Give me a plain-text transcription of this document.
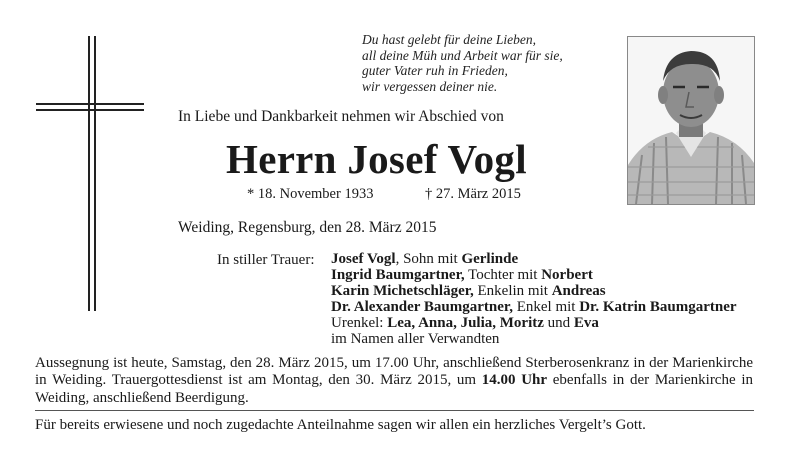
Du hast gelebt für deine Lieben,
all deine Müh und Arbeit war für sie,
guter Vater ruh in Frieden,
wir vergessen deiner nie.
In Liebe und Dankbarkeit nehmen wir Abschied von
Herrn Josef Vogl
* 18. November 1933	† 27. März 2015
Weiding, Regensburg, den 28. März 2015
In stiller Trauer: Josef Vogl, Sohn mit Gerlinde
Ingrid Baumgartner, Tochter mit Norbert
Karin Michetschläger, Enkelin mit Andreas
Dr. Alexander Baumgartner, Enkel mit Dr. Katrin Baumgartner
Urenkel: Lea, Anna, Julia, Moritz und Eva
im Namen aller Verwandten

Aussegnung ist heute, Samstag, den 28. März 2015, um 17.00 Uhr, anschließend Sterberosenkranz in der Marienkirche in Weiding. Trauergottesdienst ist am Montag, den 30. März 2015, um 14.00 Uhr ebenfalls in der Marienkirche in Weiding, anschließend Beerdigung.

Für bereits erwiesene und noch zugedachte Anteilnahme sagen wir allen ein herzliches Vergelt’s Gott.
